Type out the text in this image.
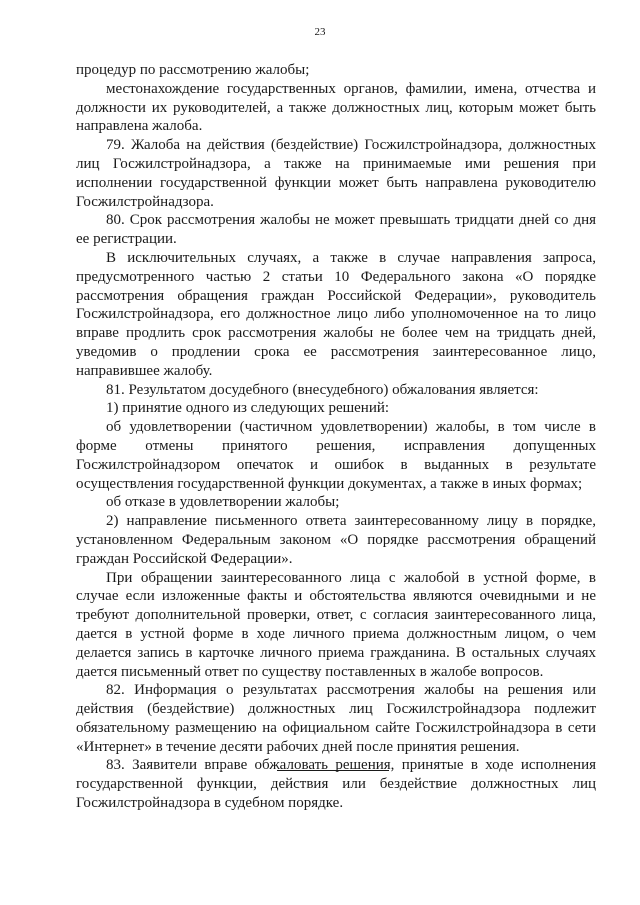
23

процедур по рассмотрению жалобы;

местонахождение государственных органов, фамилии, имена, отчества и должности их руководителей, а также должностных лиц, которым может быть направлена жалоба.

79. Жалоба на действия (бездействие) Госжилстройнадзора, должностных лиц Госжилстройнадзора, а также на принимаемые ими решения при исполнении государственной функции может быть направлена руководителю Госжилстройнадзора.

80. Срок рассмотрения жалобы не может превышать тридцати дней со дня ее регистрации.

В исключительных случаях, а также в случае направления запроса, предусмотренного частью 2 статьи 10 Федерального закона «О порядке рассмотрения обращения граждан Российской Федерации», руководитель Госжилстройнадзора, его должностное лицо либо уполномоченное на то лицо вправе продлить срок рассмотрения жалобы не более чем на тридцать дней, уведомив о продлении срока ее рассмотрения заинтересованное лицо, направившее жалобу.

81. Результатом досудебного (внесудебного) обжалования является:

1) принятие одного из следующих решений:

об удовлетворении (частичном удовлетворении) жалобы, в том числе в форме отмены принятого решения, исправления допущенных Госжилстройнадзором опечаток и ошибок в выданных в результате осуществления государственной функции документах, а также в иных формах;

об отказе в удовлетворении жалобы;

2) направление письменного ответа заинтересованному лицу в порядке, установленном Федеральным законом «О порядке рассмотрения обращений граждан Российской Федерации».

При обращении заинтересованного лица с жалобой в устной форме, в случае если изложенные факты и обстоятельства являются очевидными и не требуют дополнительной проверки, ответ, с согласия заинтересованного лица, дается в устной форме в ходе личного приема должностным лицом, о чем делается запись в карточке личного приема гражданина. В остальных случаях дается письменный ответ по существу поставленных в жалобе вопросов.

82. Информация о результатах рассмотрения жалобы на решения или действия (бездействие) должностных лиц Госжилстройнадзора подлежит обязательному размещению на официальном сайте Госжилстройнадзора в сети «Интернет» в течение десяти рабочих дней после принятия решения.

83. Заявители вправе обжаловать решения, принятые в ходе исполнения государственной функции, действия или бездействие должностных лиц Госжилстройнадзора в судебном порядке.
